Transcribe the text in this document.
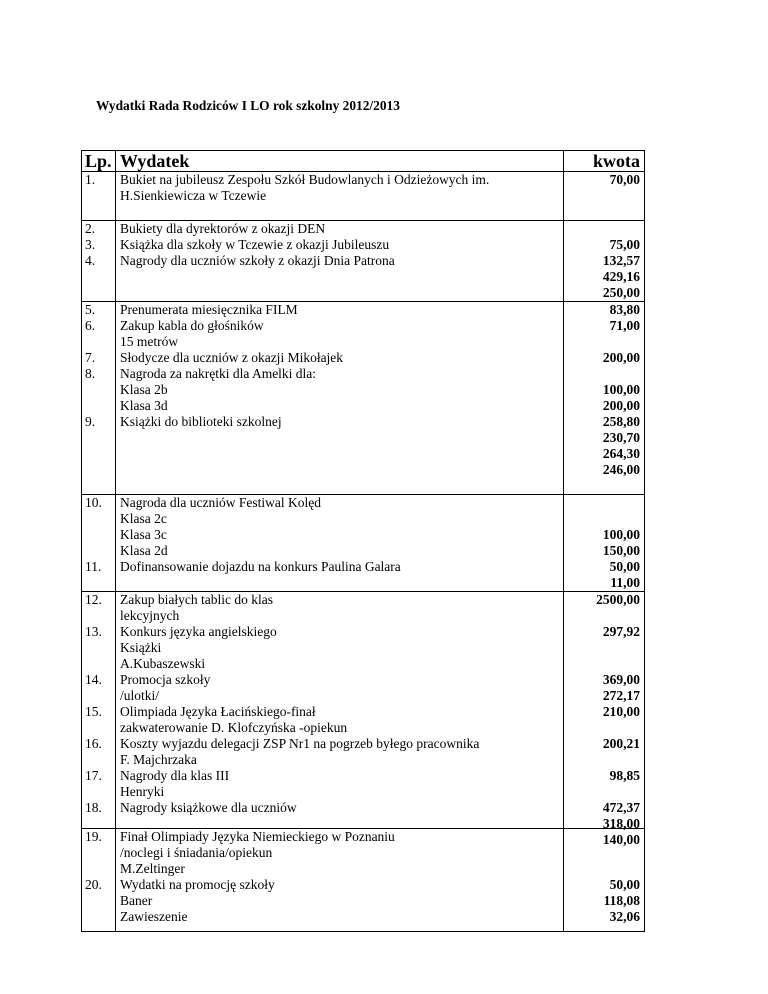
Wydatki Rada Rodziców I LO rok szkolny 2012/2013
Lp. Wydatek	kwota
1.	Bukiet na jubileusz Zespołu Szkół Budowlanych i Odzieżowych im.
H.Sienkiewicza w Tczewie
70,00
2.
3.
4.
Bukiety dla dyrektorów z okazji DEN
Książka dla szkoły w Tczewie z okazji Jubileuszu
Nagrody dla uczniów szkoły z okazji Dnia Patrona
75,00
132,57
429,16
250,00
5.
6.
7.
8.
9.
Prenumerata miesięcznika FILM
Zakup kabla do głośników
15 metrów
Słodycze dla uczniów z okazji Mikołajek
Nagroda za nakrętki dla Amelki dla:
Klasa 2b
Klasa 3d
Książki do biblioteki szkolnej
83,80
71,00
200,00
100,00
200,00
258,80
230,70
264,30
246,00
10.
11.
Nagroda dla uczniów Festiwal Kolęd
Klasa 2c
Klasa 3c
Klasa 2d
Dofinansowanie dojazdu na konkurs Paulina Galara
100,00
150,00
50,00
11,00
12.
13.
14.
15.
16.
17.
18.
Zakup białych tablic do klas
lekcyjnych
Konkurs języka angielskiego
Książki
A.Kubaszewski
Promocja szkoły
/ulotki/
Olimpiada Języka Łacińskiego-finał
zakwaterowanie D. Klofczyńska -opiekun
Koszty wyjazdu delegacji ZSP Nr1 na pogrzeb byłego pracownika
F. Majchrzaka
Nagrody dla klas III
Henryki
Nagrody książkowe dla uczniów
2500,00
297,92
369,00
272,17
210,00
200,21
98,85
472,37
318,00
140,00
19.
20.
Finał Olimpiady Języka Niemieckiego w Poznaniu
/noclegi i śniadania/opiekun
M.Zeltinger
Wydatki na promocję szkoły
Baner
Zawieszenie
50,00
118,08
32,06
